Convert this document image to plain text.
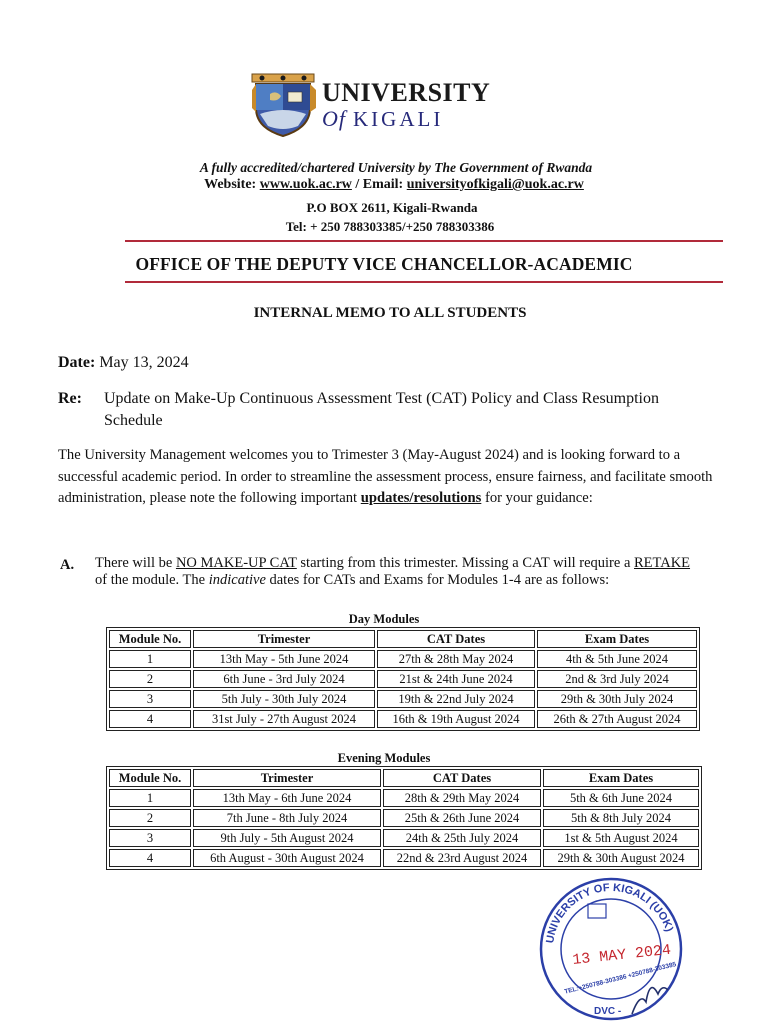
UNIVERSITY
Of KIGALI
A fully accredited/chartered University by The Government of Rwanda
Website: www.uok.ac.rw / Email: universityofkigali@uok.ac.rw
P.O BOX 2611, Kigali-Rwanda
Tel: + 250 788303385/+250 788303386
OFFICE OF THE DEPUTY VICE CHANCELLOR-ACADEMIC
INTERNAL MEMO TO ALL STUDENTS
Date: May 13, 2024
Re: Update on Make-Up Continuous Assessment Test (CAT) Policy and Class Resumption Schedule
The University Management welcomes you to Trimester 3 (May-August 2024) and is looking forward to a successful academic period. In order to streamline the assessment process, ensure fairness, and facilitate smooth administration, please note the following important updates/resolutions for your guidance:
A. There will be NO MAKE-UP CAT starting from this trimester. Missing a CAT will require a RETAKE of the module. The indicative dates for CATs and Exams for Modules 1-4 are as follows:
Day Modules
Module No.	Trimester	CAT Dates	Exam Dates
1	13th May - 5th June 2024	27th & 28th May 2024	4th & 5th June 2024
2	6th June - 3rd July 2024	21st & 24th June 2024	2nd & 3rd July 2024
3	5th July - 30th July 2024	19th & 22nd July 2024	29th & 30th July 2024
4	31st July - 27th August 2024	16th & 19th August 2024	26th & 27th August 2024
Evening Modules
Module No.	Trimester	CAT Dates	Exam Dates
1	13th May - 6th June 2024	28th & 29th May 2024	5th & 6th June 2024
2	7th June - 8th July 2024	25th & 26th June 2024	5th & 8th July 2024
3	9th July - 5th August 2024	24th & 25th July 2024	1st & 5th August 2024
4	6th August - 30th August 2024	22nd & 23rd August 2024	29th & 30th August 2024
UNIVERSITY OF KIGALI (UOK)
13 MAY 2024
TEL:+250788-303386 +250788-303385
DVC -
